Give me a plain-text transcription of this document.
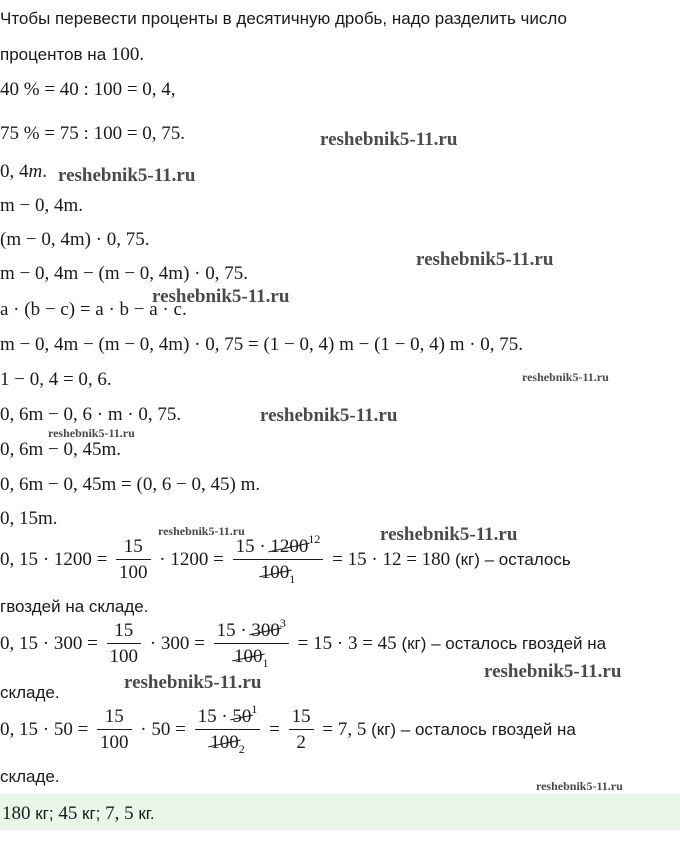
Чтобы перевести проценты в десятичную дробь, надо разделить число
процентов на 100.
40 % = 40 : 100 = 0, 4,
75 % = 75 : 100 = 0, 75.
0, 4m.
m − 0, 4m.
(m − 0, 4m) · 0, 75.
m − 0, 4m − (m − 0, 4m) · 0, 75.
a · (b − c) = a · b − a · c.
m − 0, 4m − (m − 0, 4m) · 0, 75 = (1 − 0, 4) m − (1 − 0, 4) m · 0, 75.
1 − 0, 4 = 0, 6.
0, 6m − 0, 6 · m · 0, 75.
0, 6m − 0, 45m.
0, 6m − 0, 45m = (0, 6 − 0, 45) m.
0, 15m.
0, $15 \cdot 1200 = \frac{15}{100} \cdot 1200 = \frac{15 \cdot 1200^{12}}{100_1} = 15 \cdot 12 = 180$ (кг) – осталось
гвоздей на складе.
0, $15 \cdot 300 = \frac{15}{100} \cdot 300 = \frac{15 \cdot 300^3}{100_1} = 15 \cdot 3 = 45$ (кг) – осталось гвоздей на
складе.
0, $15 \cdot 50 = \frac{15}{100} \cdot 50 = \frac{15 \cdot 50^1}{100_2} = \frac{15}{2} = 7$, 5 (кг) – осталось гвоздей на
складе.
180 кг; 45 кг; 7, 5 кг.
reshebnik5-11.ru
reshebnik5-11.ru
reshebnik5-11.ru
reshebnik5-11.ru
reshebnik5-11.ru
reshebnik5-11.ru
reshebnik5-11.ru
reshebnik5-11.ru	reshebnik5-11.ru
reshebnik5-11.ru
reshebnik5-11.ru
reshebnik5-11.ru
